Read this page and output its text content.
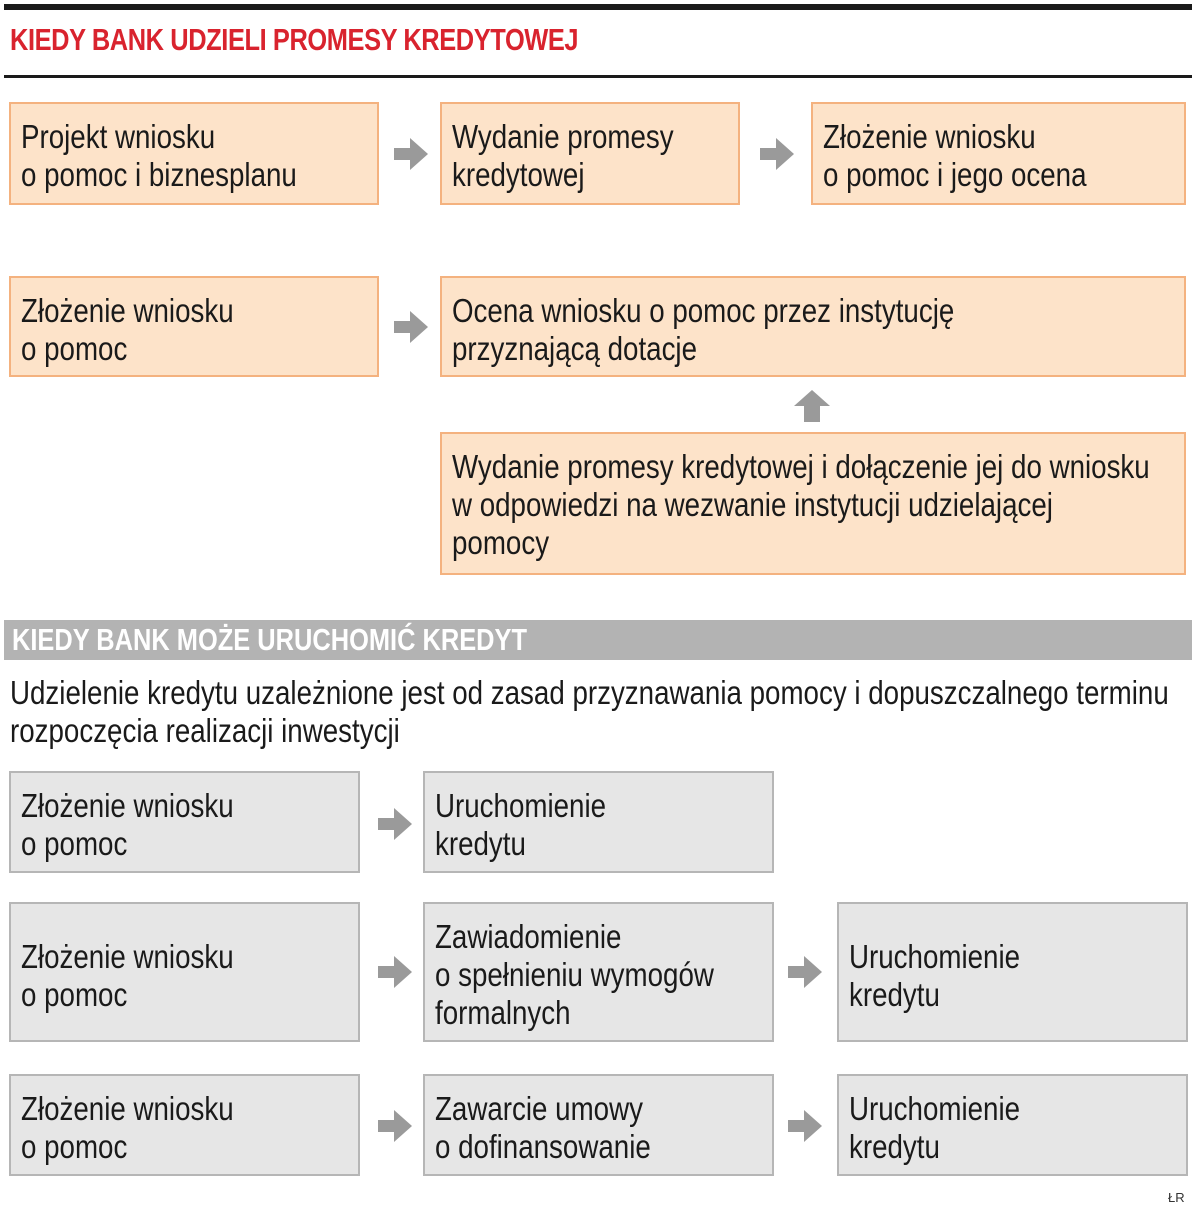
KIEDY BANK UDZIELI PROMESY KREDYTOWEJ
Projekt wniosku
o pomoc i biznesplanu
Wydanie promesy
kredytowej
Złożenie wniosku
o pomoc i jego ocena
Złożenie wniosku
o pomoc
Ocena wniosku o pomoc przez instytucję
przyznającą dotacje
Wydanie promesy kredytowej i dołączenie jej do wniosku
w odpowiedzi na wezwanie instytucji udzielającej
pomocy
KIEDY BANK MOŻE URUCHOMIĆ KREDYT
Udzielenie kredytu uzależnione jest od zasad przyznawania pomocy i dopuszczalnego terminu
rozpoczęcia realizacji inwestycji
Złożenie wniosku
o pomoc
Uruchomienie
kredytu
Złożenie wniosku
o pomoc
Zawiadomienie
o spełnieniu wymogów
formalnych
Uruchomienie
kredytu
Złożenie wniosku
o pomoc
Zawarcie umowy
o dofinansowanie
Uruchomienie
kredytu
ŁR
